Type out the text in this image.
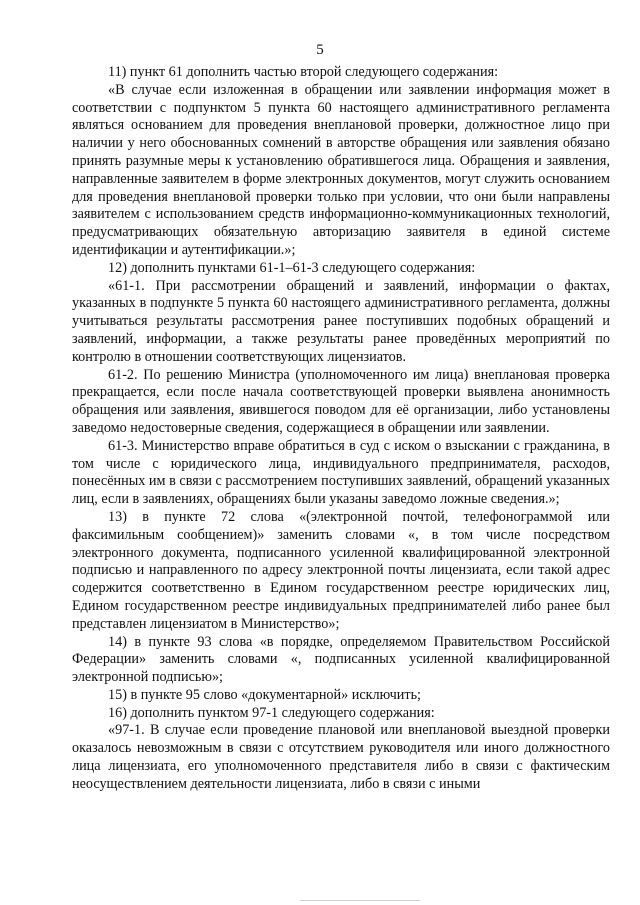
5

11) пункт 61 дополнить частью второй следующего содержания:

«В случае если изложенная в обращении или заявлении информация может в соответствии с подпунктом 5 пункта 60 настоящего административного регламента являться основанием для проведения внеплановой проверки, должностное лицо при наличии у него обоснованных сомнений в авторстве обращения или заявления обязано принять разумные меры к установлению обратившегося лица. Обращения и заявления, направленные заявителем в форме электронных документов, могут служить основанием для проведения внеплановой проверки только при условии, что они были направлены заявителем с использованием средств информационно-коммуникационных технологий, предусматривающих обязательную авторизацию заявителя в единой системе идентификации и аутентификации.»;

12) дополнить пунктами 61-1–61-3 следующего содержания:

«61-1. При рассмотрении обращений и заявлений, информации о фактах, указанных в подпункте 5 пункта 60 настоящего административного регламента, должны учитываться результаты рассмотрения ранее поступивших подобных обращений и заявлений, информации, а также результаты ранее проведённых мероприятий по контролю в отношении соответствующих лицензиатов.

61-2. По решению Министра (уполномоченного им лица) внеплановая проверка прекращается, если после начала соответствующей проверки выявлена анонимность обращения или заявления, явившегося поводом для её организации, либо установлены заведомо недостоверные сведения, содержащиеся в обращении или заявлении.

61-3. Министерство вправе обратиться в суд с иском о взыскании с гражданина, в том числе с юридического лица, индивидуального предпринимателя, расходов, понесённых им в связи с рассмотрением поступивших заявлений, обращений указанных лиц, если в заявлениях, обращениях были указаны заведомо ложные сведения.»;

13) в пункте 72 слова «(электронной почтой, телефонограммой или факсимильным сообщением)» заменить словами «, в том числе посредством электронного документа, подписанного усиленной квалифицированной электронной подписью и направленного по адресу электронной почты лицензиата, если такой адрес содержится соответственно в Едином государственном реестре юридических лиц, Едином государственном реестре индивидуальных предпринимателей либо ранее был представлен лицензиатом в Министерство»;

14) в пункте 93 слова «в порядке, определяемом Правительством Российской Федерации» заменить словами «, подписанных усиленной квалифицированной электронной подписью»;

15) в пункте 95 слово «документарной» исключить;

16) дополнить пунктом 97-1 следующего содержания:

«97-1. В случае если проведение плановой или внеплановой выездной проверки оказалось невозможным в связи с отсутствием руководителя или иного должностного лица лицензиата, его уполномоченного представителя либо в связи с фактическим неосуществлением деятельности лицензиата, либо в связи с иными
